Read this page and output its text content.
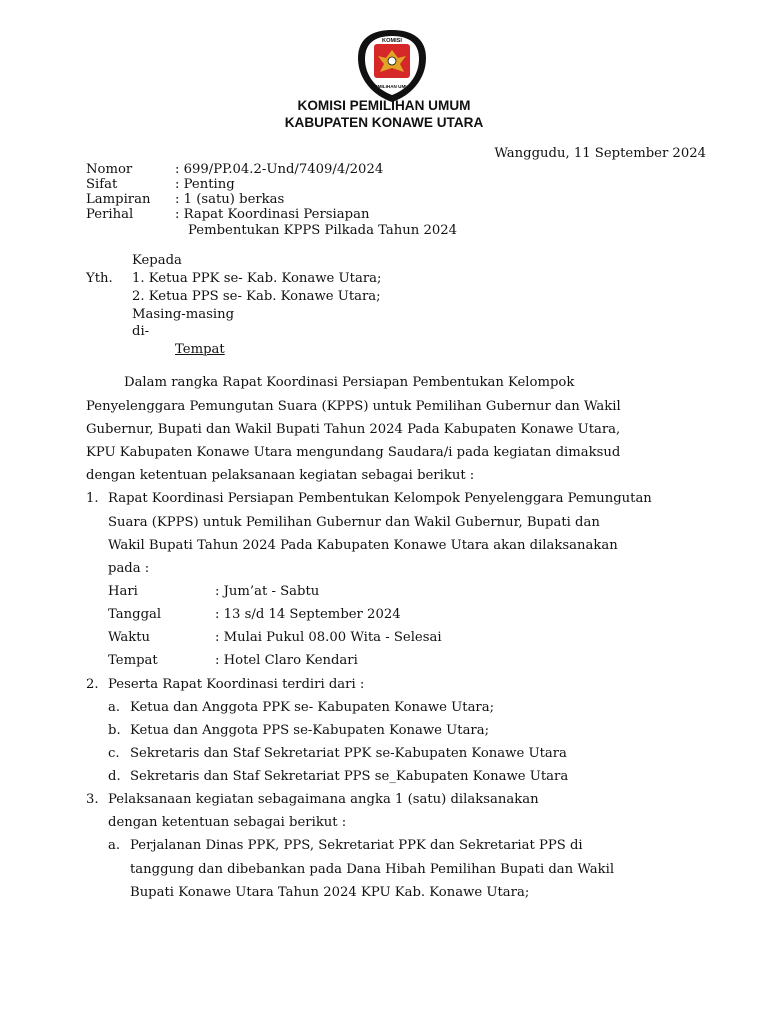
KOMISI
PEMILIHAN UMUM
KOMISI PEMILIHAN UMUM
KABUPATEN KONAWE UTARA
Wanggudu, 11 September 2024
Nomor	: 699/PP.04.2-Und/7409/4/2024
Sifat	: Penting
Lampiran : 1 (satu) berkas
Perihal	: Rapat Koordinasi Persiapan
Pembentukan KPPS Pilkada Tahun 2024
Kepada
Yth. 1. Ketua PPK se- Kab. Konawe Utara;
2. Ketua PPS se- Kab. Konawe Utara;
Masing-masing
di-
Tempat
Dalam rangka Rapat Koordinasi Persiapan Pembentukan Kelompok
Penyelenggara Pemungutan Suara (KPPS) untuk Pemilihan Gubernur dan Wakil
Gubernur, Bupati dan Wakil Bupati Tahun 2024 Pada Kabupaten Konawe Utara,
KPU Kabupaten Konawe Utara mengundang Saudara/i pada kegiatan dimaksud
dengan ketentuan pelaksanaan kegiatan sebagai berikut :
1. Rapat Koordinasi Persiapan Pembentukan Kelompok Penyelenggara Pemungutan
Suara (KPPS) untuk Pemilihan Gubernur dan Wakil Gubernur, Bupati dan
Wakil Bupati Tahun 2024 Pada Kabupaten Konawe Utara akan dilaksanakan
pada :
Hari	: Jum’at - Sabtu
Tanggal	: 13 s/d 14 September 2024
Waktu	: Mulai Pukul 08.00 Wita - Selesai
Tempat	: Hotel Claro Kendari
2. Peserta Rapat Koordinasi terdiri dari :
a. Ketua dan Anggota PPK se- Kabupaten Konawe Utara;
b. Ketua dan Anggota PPS se-Kabupaten Konawe Utara;
c. Sekretaris dan Staf Sekretariat PPK se-Kabupaten Konawe Utara
d. Sekretaris dan Staf Sekretariat PPS se_Kabupaten Konawe Utara
3. Pelaksanaan kegiatan sebagaimana angka 1 (satu) dilaksanakan
dengan ketentuan sebagai berikut :
a. Perjalanan Dinas PPK, PPS, Sekretariat PPK dan Sekretariat PPS di
tanggung dan dibebankan pada Dana Hibah Pemilihan Bupati dan Wakil
Bupati Konawe Utara Tahun 2024 KPU Kab. Konawe Utara;
